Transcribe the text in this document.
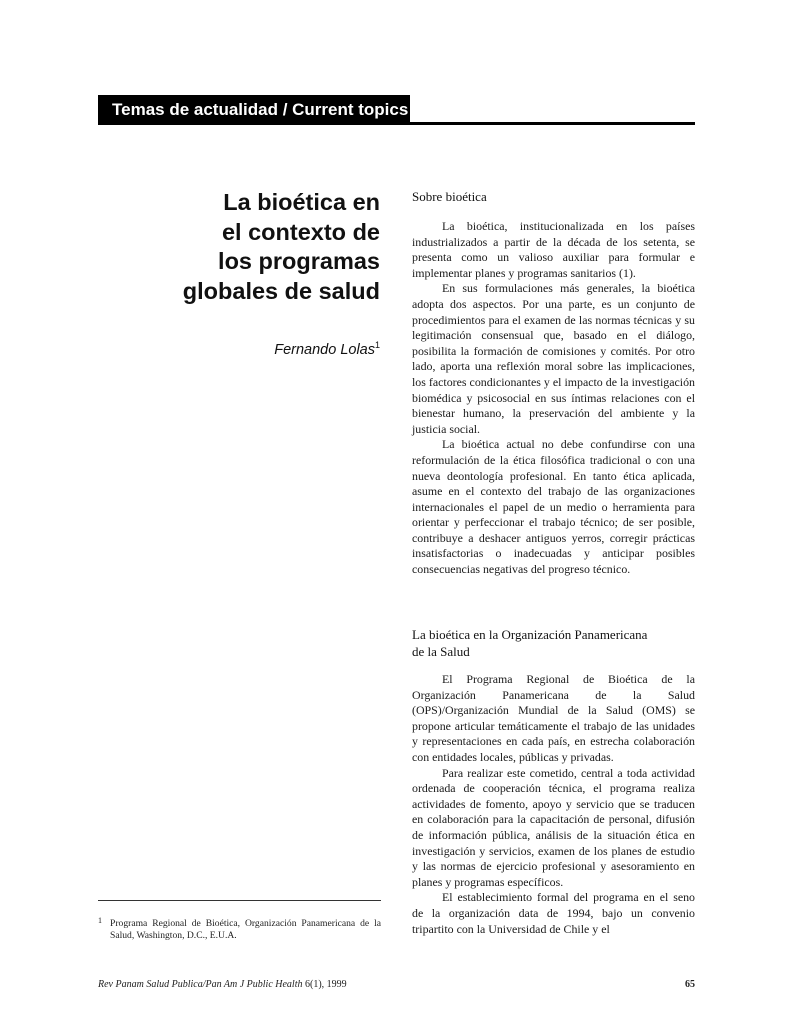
Temas de actualidad / Current topics
La bioética en
el contexto de
los programas
globales de salud
Fernando Lolas$^1$
Sobre bioética

La bioética, institucionalizada en los países industrializados a partir de la década de los setenta, se presenta como un valioso auxiliar para formular e implementar planes y programas sanitarios (1).

En sus formulaciones más generales, la bioética adopta dos aspectos. Por una parte, es un conjunto de procedimientos para el examen de las normas técnicas y su legitimación consensual que, basado en el diálogo, posibilita la formación de comisiones y comités. Por otro lado, aporta una reflexión moral sobre las implicaciones, los factores condicionantes y el impacto de la investigación biomédica y psicosocial en sus íntimas relaciones con el bienestar humano, la preservación del ambiente y la justicia social.

La bioética actual no debe confundirse con una reformulación de la ética filosófica tradicional o con una nueva deontología profesional. En tanto ética aplicada, asume en el contexto del trabajo de las organizaciones internacionales el papel de un medio o herramienta para orientar y perfeccionar el trabajo técnico; de ser posible, contribuye a deshacer antiguos yerros, corregir prácticas insatisfactorias o inadecuadas y anticipar posibles consecuencias negativas del progreso técnico.

La bioética en la Organización Panamericana
de la Salud

El Programa Regional de Bioética de la Organización Panamericana de la Salud (OPS)/Organización Mundial de la Salud (OMS) se propone articular temáticamente el trabajo de las unidades y representaciones en cada país, en estrecha colaboración con entidades locales, públicas y privadas.

Para realizar este cometido, central a toda actividad ordenada de cooperación técnica, el programa realiza actividades de fomento, apoyo y servicio que se traducen en colaboración para la capacitación de personal, difusión de información pública, análisis de la situación ética en investigación y servicios, examen de los planes de estudio y las normas de ejercicio profesional y asesoramiento en planes y programas específicos.

El establecimiento formal del programa en el seno de la organización data de 1994, bajo un convenio tripartito con la Universidad de Chile y el

1 Programa Regional de Bioética, Organización Panamericana de la Salud, Washington, D.C., E.U.A.
Rev Panam Salud Publica/Pan Am J Public Health 6(1), 1999	65
